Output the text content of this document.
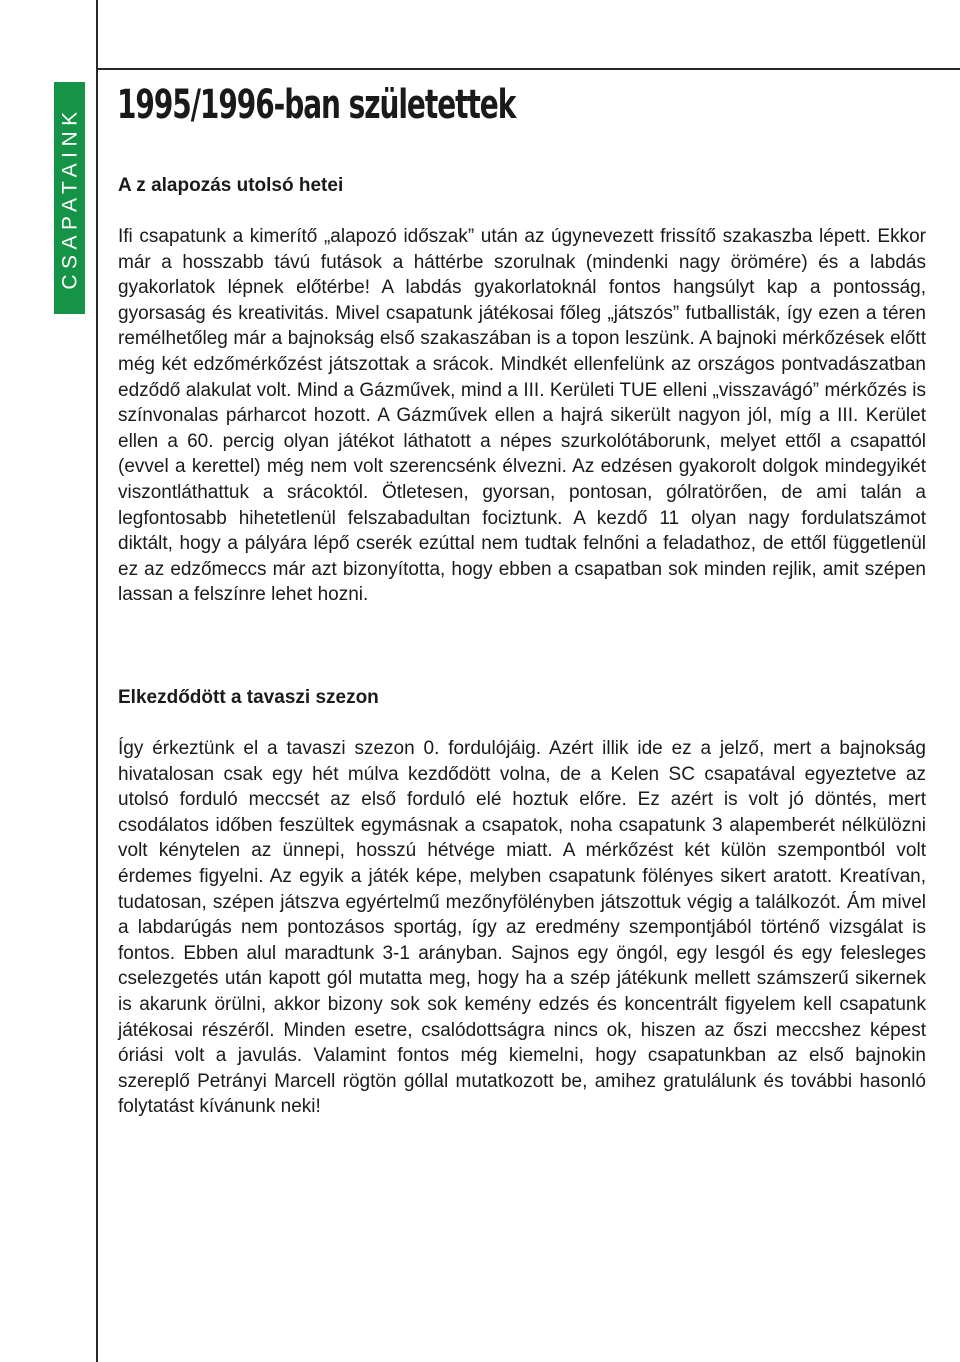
CSAPATAINK
1995/1996-ban születettek
A z alapozás utolsó hetei

Ifi csapatunk a kimerítő „alapozó időszak” után az úgynevezett frissítő szakaszba lépett. Ekkor már a hosszabb távú futások a háttérbe szorulnak (mindenki nagy örömére) és a labdás gyakorlatok lépnek előtérbe! A labdás gyakorlatoknál fontos hangsúlyt kap a pontosság, gyorsaság és kreativitás. Mivel csapatunk játékosai főleg „játszós” futballisták, így ezen a téren remélhetőleg már a bajnokság első szakaszában is a topon leszünk. A bajnoki mérkőzések előtt még két edzőmérkőzést játszottak a srácok. Mindkét ellenfelünk az országos pontvadászatban edződő alakulat volt. Mind a Gázművek, mind a III. Kerületi TUE elleni „visszavágó” mérkőzés is színvonalas párharcot hozott. A Gázművek ellen a hajrá sikerült nagyon jól, míg a III. Kerület ellen a 60. percig olyan játékot láthatott a népes szurkolótáborunk, melyet ettől a csapattól (evvel a kerettel) még nem volt szerencsénk élvezni. Az edzésen gyakorolt dolgok mindegyikét viszontláthattuk a srácoktól. Ötletesen, gyorsan, pontosan, gólratörően, de ami talán a legfontosabb hihetetlenül felszabadultan fociztunk. A kezdő 11 olyan nagy fordulatszámot diktált, hogy a pályára lépő cserék ezúttal nem tudtak felnőni a feladathoz, de ettől függetlenül ez az edzőmeccs már azt bizonyította, hogy ebben a csapatban sok minden rejlik, amit szépen lassan a felszínre lehet hozni.

Elkezdődött a tavaszi szezon

Így érkeztünk el a tavaszi szezon 0. fordulójáig. Azért illik ide ez a jelző, mert a bajnokság hivatalosan csak egy hét múlva kezdődött volna, de a Kelen SC csapatával egyeztetve az utolsó forduló meccsét az első forduló elé hoztuk előre. Ez azért is volt jó döntés, mert csodálatos időben feszültek egymásnak a csapatok, noha csapatunk 3 alapemberét nélkülözni volt kénytelen az ünnepi, hosszú hétvége miatt. A mérkőzést két külön szempontból volt érdemes figyelni. Az egyik a játék képe, melyben csapatunk fölényes sikert aratott. Kreatívan, tudatosan, szépen játszva egyértelmű mezőnyfölényben játszottuk végig a találkozót. Ám mivel a labdarúgás nem pontozásos sportág, így az eredmény szempontjából történő vizsgálat is fontos. Ebben alul maradtunk 3-1 arányban. Sajnos egy öngól, egy lesgól és egy felesleges cselezgetés után kapott gól mutatta meg, hogy ha a szép játékunk mellett számszerű sikernek is akarunk örülni, akkor bizony sok sok kemény edzés és koncentrált figyelem kell csapatunk játékosai részéről. Minden esetre, csalódottságra nincs ok, hiszen az őszi meccshez képest óriási volt a javulás. Valamint fontos még kiemelni, hogy csapatunkban az első bajnokin szereplő Petrányi Marcell rögtön góllal mutatkozott be, amihez gratulálunk és további hasonló folytatást kívánunk neki!
